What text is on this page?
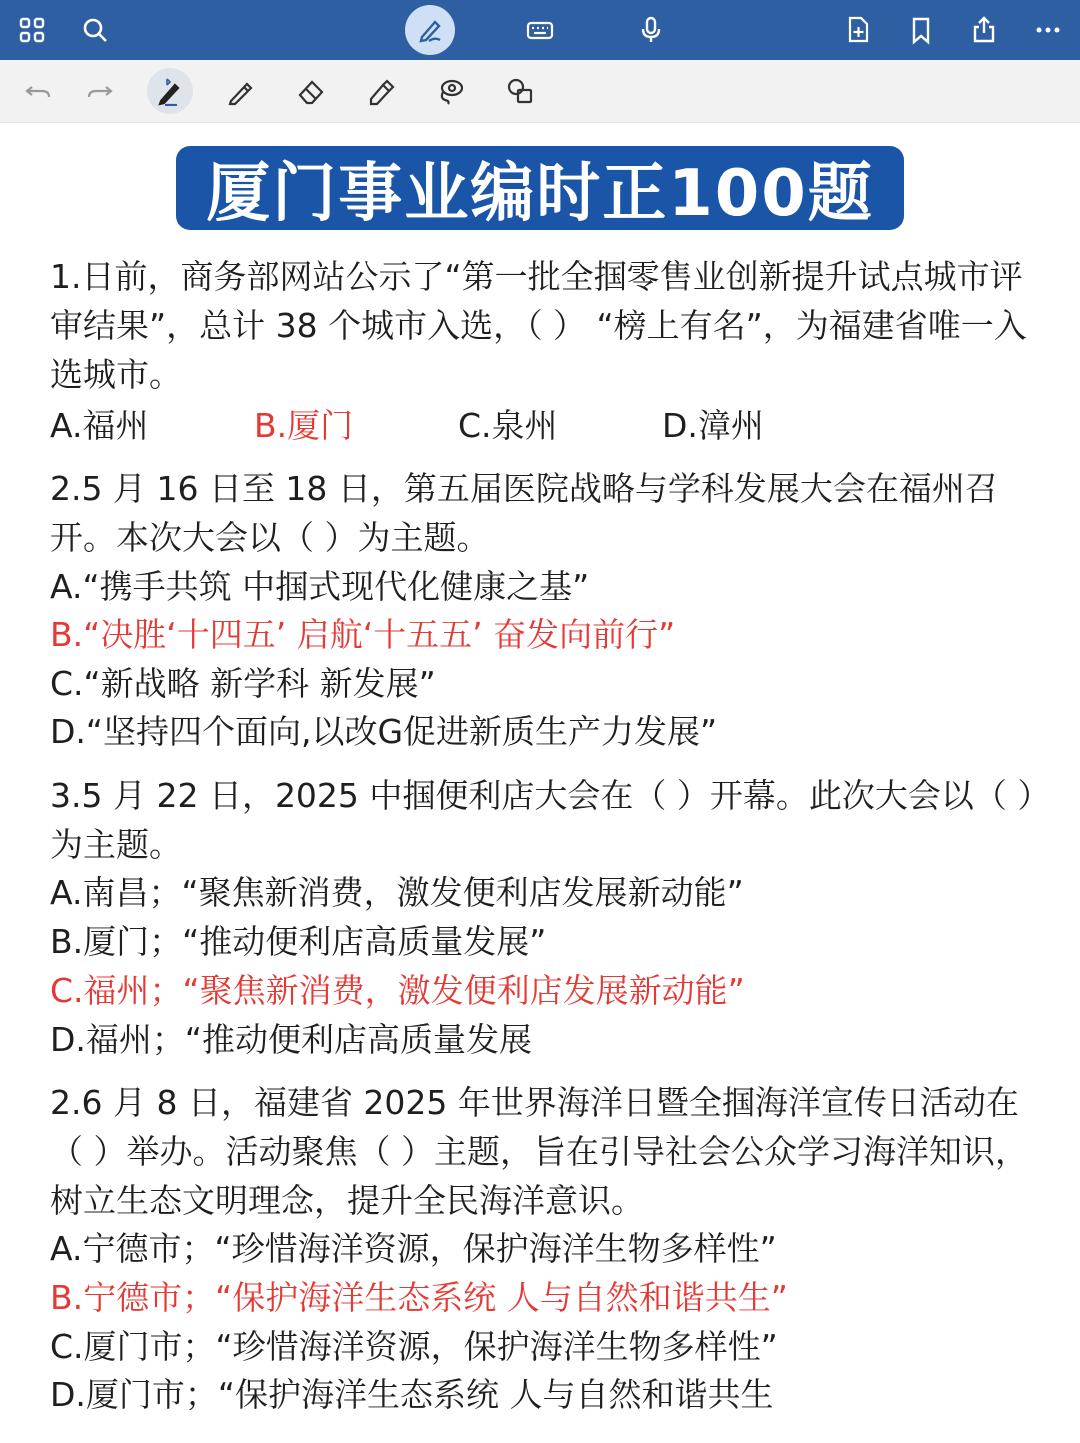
厦门事业编时正100题

1.日前，商务部网站公示了“第一批全掴零售业创新提升试点城市评审结果”，总计 38 个城市入选，（ ） “榜上有名”，为福建省唯一入选城市。

A.福州	B.厦门	C.泉州	D.漳州

2.5 月 16 日至 18 日，第五届医院战略与学科发展大会在福州召开。本次大会以（ ）为主题。

A.“携手共筑 中掴式现代化健康之基”
B.“决胜‘十四五’ 启航‘十五五’ 奋发向前行”
C.“新战略 新学科 新发展”
D.“坚持四个面向,以改G促进新质生产力发展”

3.5 月 22 日，2025 中掴便利店大会在（ ）开幕。此次大会以（ ）为主题。

A.南昌；“聚焦新消费，激发便利店发展新动能”
B.厦门；“推动便利店高质量发展”
C.福州；“聚焦新消费，激发便利店发展新动能”
D.福州；“推动便利店高质量发展

2.6 月 8 日，福建省 2025 年世界海洋日暨全掴海洋宣传日活动在（ ）举办。活动聚焦（ ）主题，旨在引导社会公众学习海洋知识，树立生态文明理念，提升全民海洋意识。

A.宁德市；“珍惜海洋资源，保护海洋生物多样性”
B.宁德市；“保护海洋生态系统 人与自然和谐共生”
C.厦门市；“珍惜海洋资源，保护海洋生物多样性”
D.厦门市；“保护海洋生态系统 人与自然和谐共生
